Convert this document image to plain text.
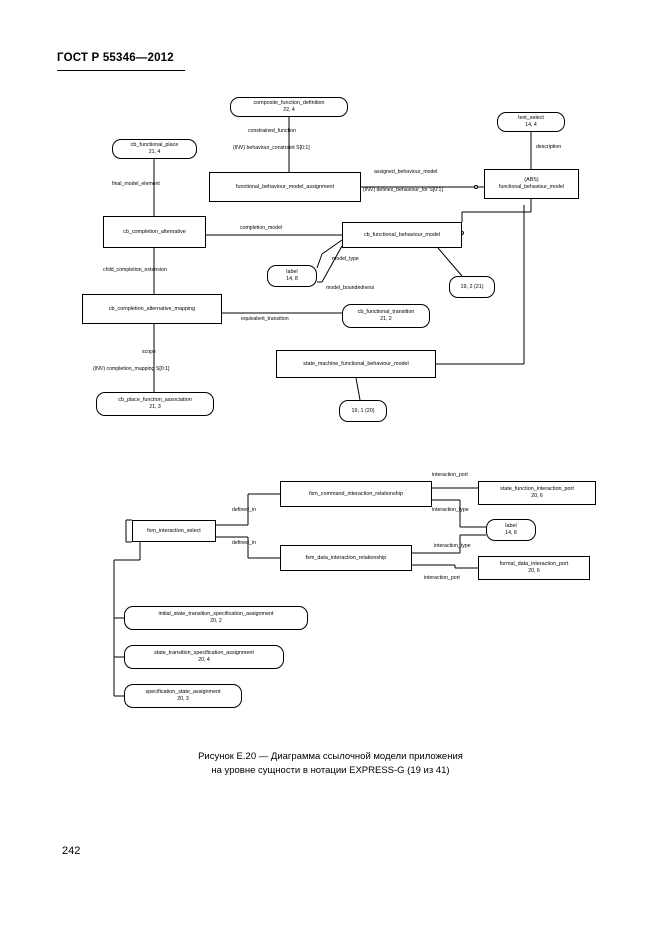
ГОСТ Р 55346—2012
composite_function_definition
22, 4
text_select
14, 4
cb_functional_place
21, 4
functional_behaviour_model_assignment
(ABS)
functional_behaviour_model
cb_completion_alternative	cb_functional_behaviour_model
label
14, 8
19, 2 (21)
cb_completion_alternative_mapping
cb_functional_transition
21, 2
state_machine_functional_behaviour_model
cb_place_function_association
21, 3
19, 1 (20)
fsm_command_interaction_relationship
state_function_interaction_port
20, 6
fsm_interaction_select
label
14, 8
fsm_data_interaction_relationship
formal_data_interaction_port
20, 6
initial_state_transition_specification_assignment
20, 2
state_transition_specification_assignment
20, 4
specification_state_assignment
20, 3
constrained_function
(INV) behaviour_constraint S[0:1]
final_model_element
assigned_behaviour_model
(INV) defines_behaviour_for S[0:1]
description
completion_model
model_type
model_boundedness
child_completion_extension
equivalent_transition
scope
(INV) completion_mapping S[0:1]
interaction_port
interaction_type
defined_in
defined_in	interaction_type
interaction_port
Рисунок Е.20 — Диаграмма ссылочной модели приложения
на уровне сущности в нотации EXPRESS-G (19 из 41)
242
